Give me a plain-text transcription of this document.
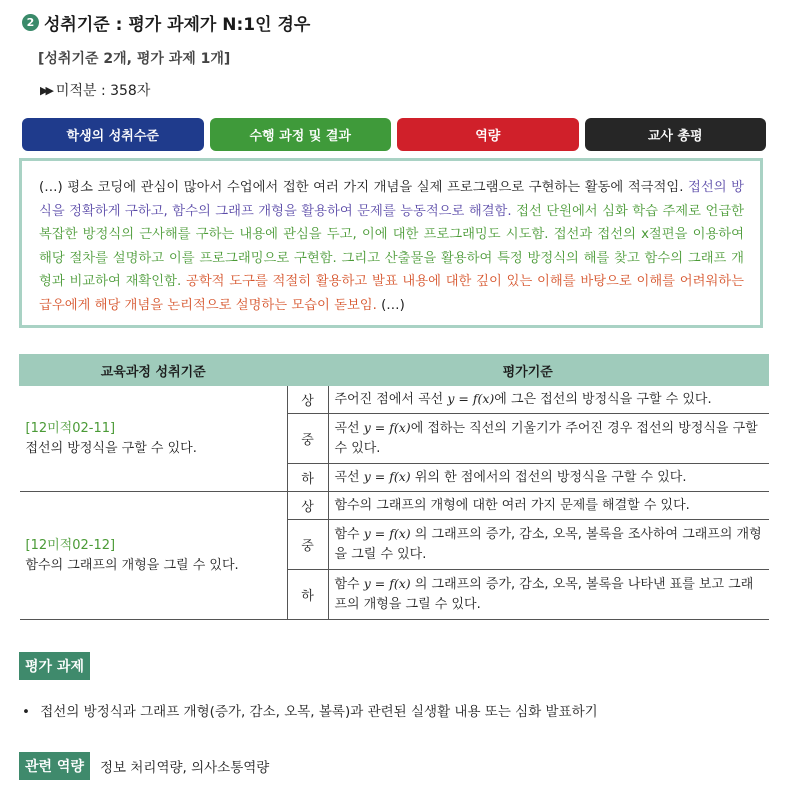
2 성취기준 : 평가 과제가 N:1인 경우
[성취기준 2개, 평가 과제 1개]
▶▶ 미적분 : 358자
학생의 성취수준	수행 과정 및 결과	역량	교사 총평
(…) 평소 코딩에 관심이 많아서 수업에서 접한 여러 가지 개념을 실제 프로그램으로 구현하는 활동에 적극적임. 접선의 방식을 정확하게 구하고, 함수의 그래프 개형을 활용하여 문제를 능동적으로 해결함. 접선 단원에서 심화 학습 주제로 언급한 복잡한 방정식의 근사해를 구하는 내용에 관심을 두고, 이에 대한 프로그래밍도 시도함. 접선과 접선의 x절편을 이용하여 해당 절차를 설명하고 이를 프로그래밍으로 구현함. 그리고 산출물을 활용하여 특정 방정식의 해를 찾고 함수의 그래프 개형과 비교하여 재확인함. 공학적 도구를 적절히 활용하고 발표 내용에 대한 깊이 있는 이해를 바탕으로 이해를 어려워하는 급우에게 해당 개념을 논리적으로 설명하는 모습이 돋보임. (…)
교육과정 성취기준	평가기준	

[12미적02-11]
접선의 방정식을 구할 수 있다.	상	주어진 점에서 곡선 y = f(x)에 그은 접선의 방정식을 구할 수 있다.
	중	곡선 y = f(x)에 접하는 직선의 기울기가 주어진 경우 접선의 방정식을 구할 수 있다.
	하	곡선 y = f(x) 위의 한 점에서의 접선의 방정식을 구할 수 있다.

[12미적02-12]
함수의 그래프의 개형을 그릴 수 있다.	상	함수의 그래프의 개형에 대한 여러 가지 문제를 해결할 수 있다.
	중	함수 y = f(x) 의 그래프의 증가, 감소, 오목, 볼록을 조사하여 그래프의 개형을 그릴 수 있다.
	하	함수 y = f(x) 의 그래프의 증가, 감소, 오목, 볼록을 나타낸 표를 보고 그래프의 개형을 그릴 수 있다.
평가 과제
• 접선의 방정식과 그래프 개형(증가, 감소, 오목, 볼록)과 관련된 실생활 내용 또는 심화 발표하기
관련 역량	정보 처리역량, 의사소통역량
